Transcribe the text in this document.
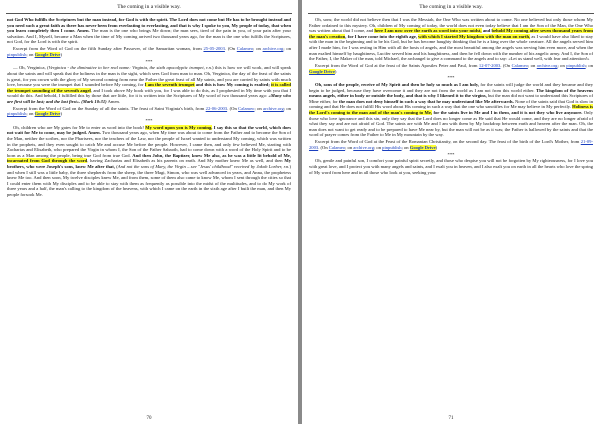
The coming in a visible way.

not God Who fulfills the Scriptures but the man instead, for God is with the spirit. The Lord does not come but He has to be brought instead and you need such a great faith as there has never been from everlasting to everlasting, and that is why I spoke to you, My people of today, that when you learn completely then I come. Amen. The man is the one who brings Me down; the man sees, tired of the pain in you, of your pain after your salvation. And I, Myself, became a Man when the time of My coming arrived two thousand years ago, for the man is the one who fulfills the Scriptures, not God, for the Lord is with the spirit.

Excerpt from the Word of God on the fifth Sunday after Passover, of the Samaritan woman, from 25-05-2003. (On Calameo; on archive.org; on pinpublish; on Google Drive)

***

— Oh, Verginica, (Verginica - the diminutive to her real name: Virginia, the sixth apocalyptic trumpet, r.n.) this is how we will work, and will speak about the saints and will speak that the holiness in the man is the sight, which sees God from man to man. Oh, Verginica, the day of the feast of the saints is great, for you crown with the glory of My second coming from near the Father the great feast of all My saints, and you are carried by saints with much love, because you were the trumpet that I sounded before My coming, for I am the seventh trumpet and this is how My coming is exalted; it is called the trumpet sounding of the seventh angel, and I took above My book with you, for I was able to do this, as I prophesied in My time with you that I would do this. And behold, I fulfilled this by those that are little, for it is written into the Scriptures of My word of two thousand years ago: «Many who are first will be last; and the last first». (Mark 10:31) Amen.

Excerpt from the Word of God on the Sunday of all the saints. The feast of Saint Virginia's birth, from 22-06-2003. (On Calameo; on archive.org; on pinpublish; on Google Drive)

***

Oh, children who are My gates for Me to enter as word into the book! My word upon you is My coming. I say this so that the world, which does not wait for Me to come, may be judged. Amen. Two thousand years ago, when My time was about to come from the Father and to become the Son of the Man, neither the scribes, nor the Pharisees, nor the teachers of the Law, nor the people of Israel wanted to understand My coming, which was written in the prophets, and they even sought to catch Me and accuse Me before the people. However, I came then, and only few believed Me, starting with Zacharias and Elisabeth, who prepared the Virgin in whom I, the Son of the Father Sabaoth, had to come down with a word of the Holy Spirit and to be born as a Man among the people, being true God from true God. And then John, the Baptizer, knew Me also, as he was a little lit behold of Me, incarnated from God through the word, having Zacharias and Elisabeth as his parents on earth. And My mother knew Me as well, and then My brothers, who were Joseph's sons, knew Me after that, (And not the sons of Mary, the Virgin – see "Jesus' childhood" received by Jakob Lorber, r.n.) and when I still was a little baby, the three shepherds from the sheep, the three Magi, Simon, who was well advanced in years, and Anna, the prophetess knew Me too. And then soon, My twelve disciples knew Me, and from them, some of them also came to know Me, whom I sent through the cities so that I could enter them with My disciples and to be able to stay with them as frequently as possible into the midst of the multitudes, and to do My work of three years and a half, the man's calling to the kingdom of the heavens, with which I came on the earth in the sixth age after I built the man, and then My people forsook Me.

70
The coming in a visible way.

Oh, sons; the world did not believe then that I was the Messiah, the One Who was written about to come. No one believed but only those whom My Father ordained to this mystery. Oh, children of My coming of today, the world does not even today believe that I am the Son of the Man, the One Who was written about that I come, and here I am now over the earth as word into your midst, and behold My coming after seven thousand years from the man's creation, for I have come into the eighth age, with which I started My kingdom with the man on earth, as I would have also liked to stay with the man in the beginning and to be his God, but he has become haughty thinking that he is a king over the whole creature. All the angels served him after I made him, for I was resting in Him with all the hosts of angels, and the most beautiful among the angels was serving him even more, and when the man exalted himself by haughtiness, Lucifer served him and his haughtiness, and then he fell down with the number of his angelic army. And I, the Son of the Father, I, the Maker of the man, told Michael, the archangel to give a command to the angels and to say: «Let us stand well, with fear and attention!»

Excerpt from the Word of God at the feast of the Saints Apostles Peter and Paul, from 12-07-2003. (On Calameo; on archive.org; on pinpublish; on Google Drive)

***

Oh, sons of the people, receive of My Spirit and then be holy so much as I am holy, for the saints will judge the world and they became and they begin to be judged, because they have overcome it and they are not from the world as I am not from this world either. The kingdom of the heavens means angels, either in body or outside the body, and that is why I likened it to the virgins, but the man did not want to understand this Scriptures of Mine either, for the man does not deny himself in such a way that he may understand like Me afterwards. None of the saints said that God is slow in coming and that He does not fulfill His word about His coming in such a way that the one who sanctifies for Me may believe in My perfectly. Holiness is the Lord's coming to the man and of the man's coming to Me, for the saints live in Me and I in them, and it is not they who live anymore. Only those who love ignorance and this sin, only they say that the Lord does no longer come as He said that He would come, and they are no longer afraid of what they say and are not afraid of God. The saints are with Me and I am with them by My backdrop between earth and heaven after the man. Oh, the man does not want to get ready and to be prepared to have Me near by, but the man will not be as it was; the Father is hallowed by the saints and that the word of prayer comes from the Father to Me in My mountain by the way.

Excerpt from the Word of God at the Feast of the Romanian Christianity, on the second day. The feast of the birth of the Lord's Mother, from 21-09-2003. (On Calameo; on archive.org; on pinpublish; on Google Drive)

***

Oh, gentle and painful son, I comfort your painful spirit secretly, and those who despise you will not be forgotten by My righteousness, for I love you with great love, and I protect you with many angels and saints, and I exalt you in heaven, and I also exalt you on earth in all the hearts who love the spring of My word from here and in all those who look at you, seeking your

71
